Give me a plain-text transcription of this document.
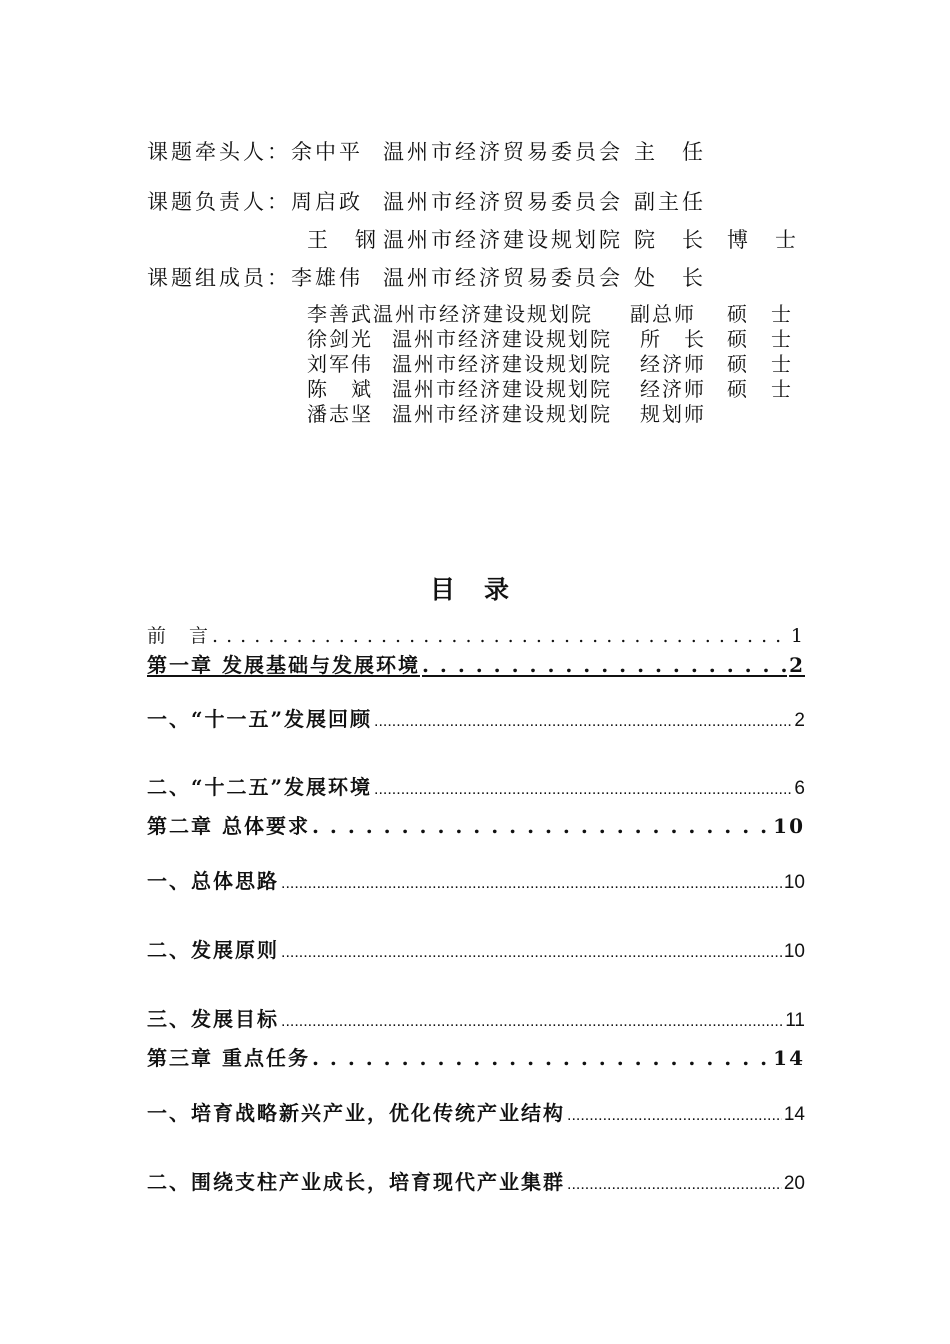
课题牵头人：余中平 温州市经济贸易委员会 主　任
课题负责人：周启政 温州市经济贸易委员会 副主任
王　钢 温州市经济建设规划院 院　长 博　士
课题组成员：李雄伟 温州市经济贸易委员会 处　长
李善武温州市经济建设规划院 副总师 硕　士
徐剑光 温州市经济建设规划院 所　长 硕　士
刘军伟 温州市经济建设规划院 经济师 硕　士
陈　斌 温州市经济建设规划院 经济师 硕　士
潘志坚 温州市经济建设规划院 规划师
目　录
前　言 . . .	1
第一章 发展基础与发展环境 . . .	2
一、“十一五”发展回顾 .....	2
二、“十二五”发展环境 .....	6
第二章 总体要求 . . .	10
一、总体思路 .....	10
二、发展原则 .....	10
三、发展目标 .....	11
第三章 重点任务 . . .	14
一、培育战略新兴产业，优化传统产业结构 .....	14
二、围绕支柱产业成长，培育现代产业集群 .....	20
